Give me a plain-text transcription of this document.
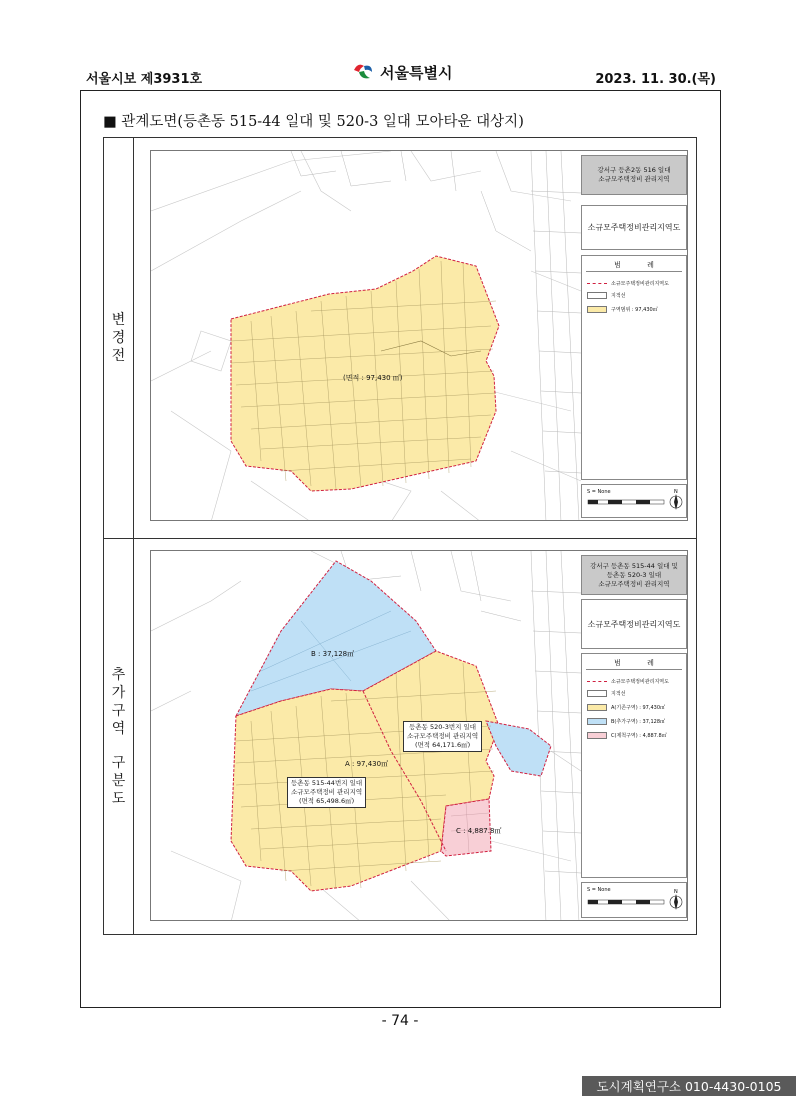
서울시보 제3931호	서울특별시	2023. 11. 30.(목)
■ 관계도면(등촌동 515-44 일대 및 520-3 일대 모아타운 대상지)
변
경
전
추
가
구
역
구
분
도
(면적 : 97,430 ㎡)
강서구 등촌2동 516 일대
소규모주택정비 관리지역
소규모주택정비관리지역도
범 례
소규모주택정비관리지역도
지적선
구역범위 : 97,430㎡
S = None	N
B : 37,128㎡
A : 97,430㎡
C : 4,887.8㎡
등촌동 515-44번지 일대
소규모주택정비 관리지역
(면적 65,498.6㎡)
등촌동 520-3번지 일대
소규모주택정비 관리지역
(면적 64,171.6㎡)
강서구 등촌동 515-44 일대 및
등촌동 520-3 일대
소규모주택정비 관리지역
소규모주택정비관리지역도
범 례
소규모주택정비관리지역도
지적선
A(기존구역) : 97,430㎡
B(추가구역) : 37,128㎡
C(제척구역) : 4,887.8㎡
S = None	N
- 74 -
도시계획연구소 010-4430-0105
